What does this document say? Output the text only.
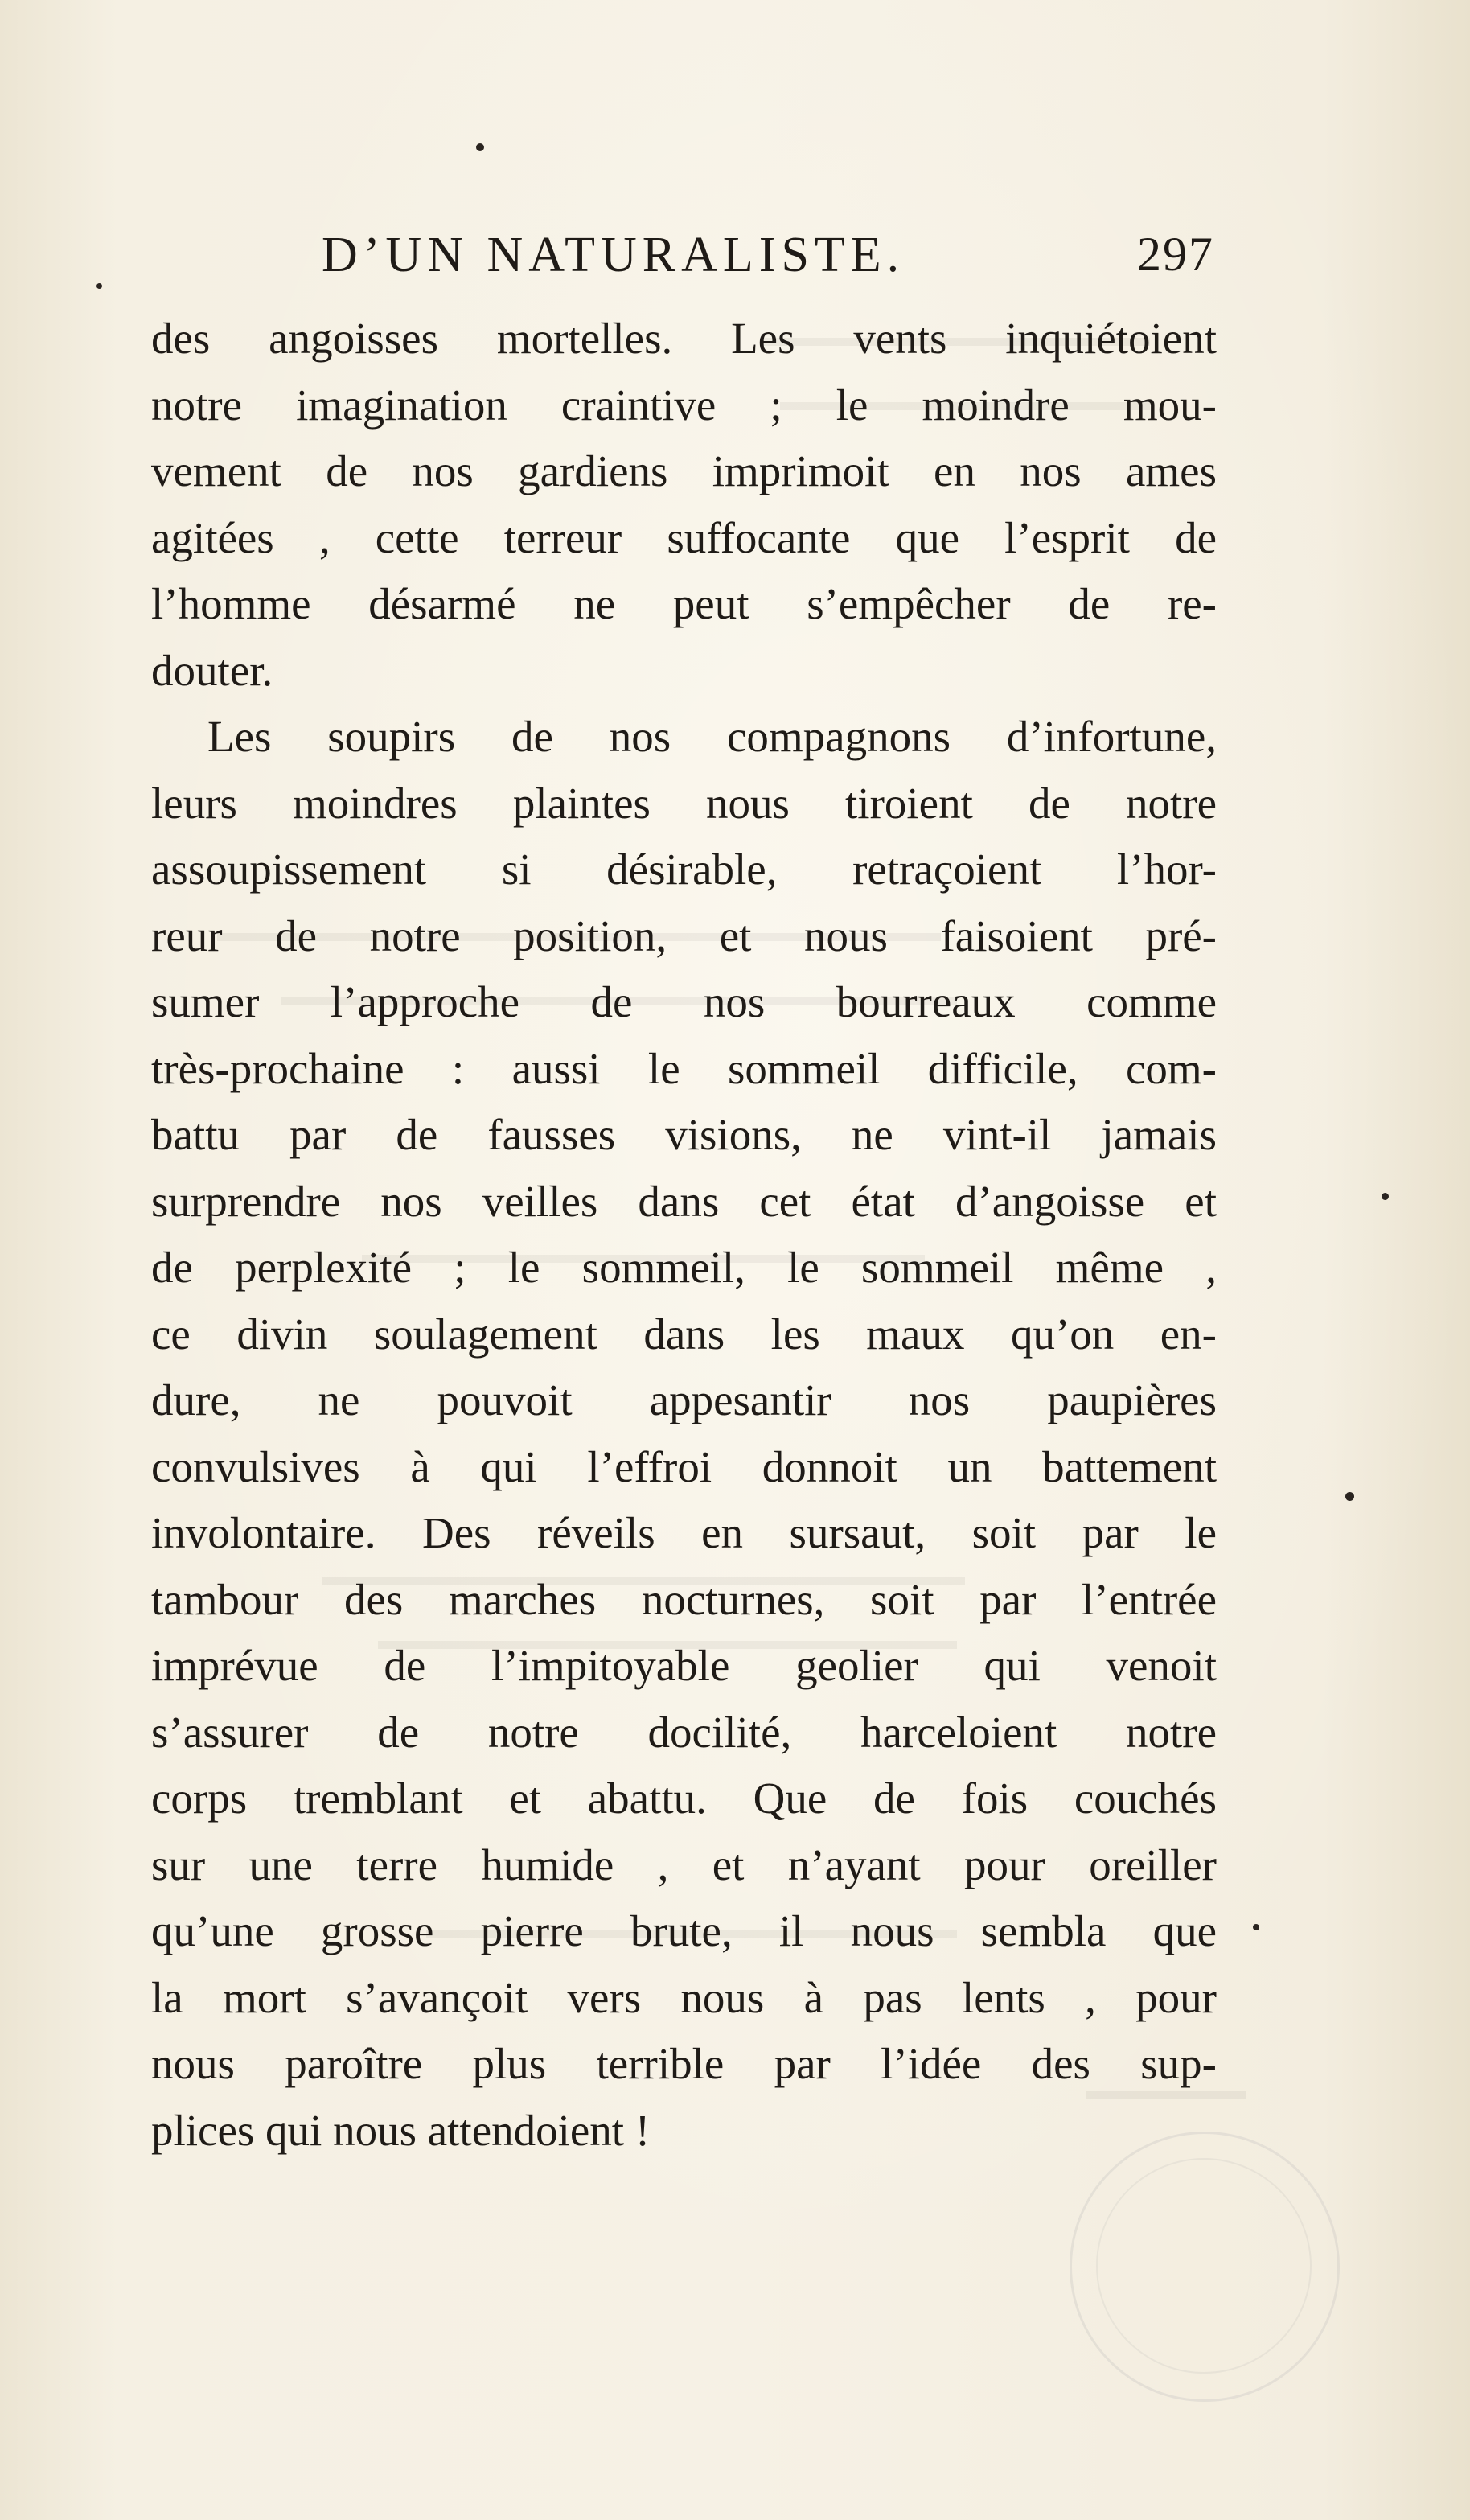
D’UN NATURALISTE.	297
des angoisses mortelles. Les vents inquiétoient
notre imagination craintive ; le moindre mou-
vement de nos gardiens imprimoit en nos ames
agitées , cette terreur suffocante que l’esprit de
l’homme désarmé ne peut s’empêcher de re-
douter.
Les soupirs de nos compagnons d’infortune,
leurs moindres plaintes nous tiroient de notre
assoupissement si désirable, retraçoient l’hor-
reur de notre position, et nous faisoient pré-
sumer l’approche de nos bourreaux comme
très-prochaine : aussi le sommeil difficile, com-
battu par de fausses visions, ne vint-il jamais
surprendre nos veilles dans cet état d’angoisse et
de perplexité ; le sommeil, le sommeil même ,
ce divin soulagement dans les maux qu’on en-
dure, ne pouvoit appesantir nos paupières
convulsives à qui l’effroi donnoit un battement
involontaire. Des réveils en sursaut, soit par le
tambour des marches nocturnes, soit par l’entrée
imprévue de l’impitoyable geolier qui venoit
s’assurer de notre docilité, harceloient notre
corps tremblant et abattu. Que de fois couchés
sur une terre humide , et n’ayant pour oreiller
qu’une grosse pierre brute, il nous sembla que
la mort s’avançoit vers nous à pas lents , pour
nous paroître plus terrible par l’idée des sup-
plices qui nous attendoient !
